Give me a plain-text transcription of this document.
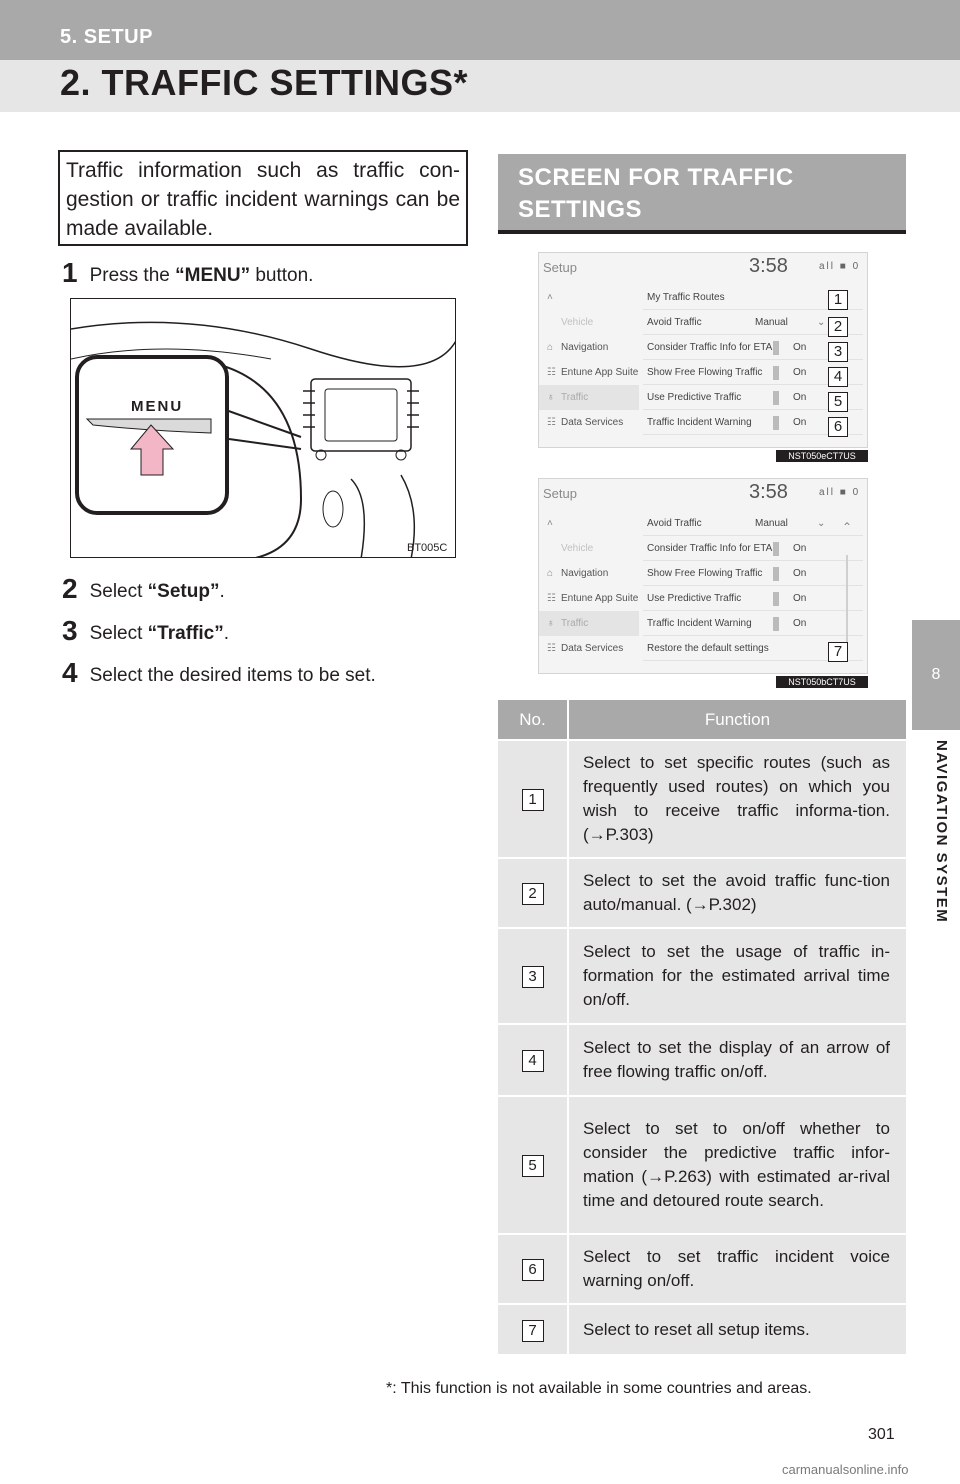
5. SETUP
2. TRAFFIC SETTINGS*
8
NAVIGATION SYSTEM
Traffic information such as traffic con-gestion or traffic incident warnings can be made available.
1 Press the “MENU” button.
2 Select “Setup”.
3 Select “Traffic”.
4 Select the desired items to be set.
MENU
BT005C
SCREEN FOR TRAFFIC SETTINGS
Setup	3:58	all ■ 0
˄
Vehicle
⌂ Navigation
☷ Entune App Suite
♁ Traffic
☷ Data Services
My Traffic Routes
Avoid Traffic	Manual	⌄
Consider Traffic Info for ETA On
Show Free Flowing Traffic	On
Use Predictive Traffic	On
Traffic Incident Warning	On
1
2
3
4
5
6
NST050eCT7US
Setup	3:58	all ■ 0
˄
Vehicle
⌂ Navigation
☷ Entune App Suite
♁ Traffic
☷ Data Services
Avoid Traffic	Manual	⌄
Consider Traffic Info for ETA On
Show Free Flowing Traffic	On
Use Predictive Traffic	On
Traffic Incident Warning	On
Restore the default settings
⌃
7
NST050bCT7US
No.	Function
1	Select to set specific routes (such as frequently used routes) on which you wish to receive traffic informa-tion. (→P.303)
2	Select to set the avoid traffic func-tion auto/manual. (→P.302)
3	Select to set the usage of traffic in-formation for the estimated arrival time on/off.
4	Select to set the display of an arrow of free flowing traffic on/off.
5	Select to set to on/off whether to consider the predictive traffic infor-mation (→P.263) with estimated ar-rival time and detoured route search.
6	Select to set traffic incident voice warning on/off.
7	Select to reset all setup items.
*: This function is not available in some countries and areas.
301
carmanualsonline.info
